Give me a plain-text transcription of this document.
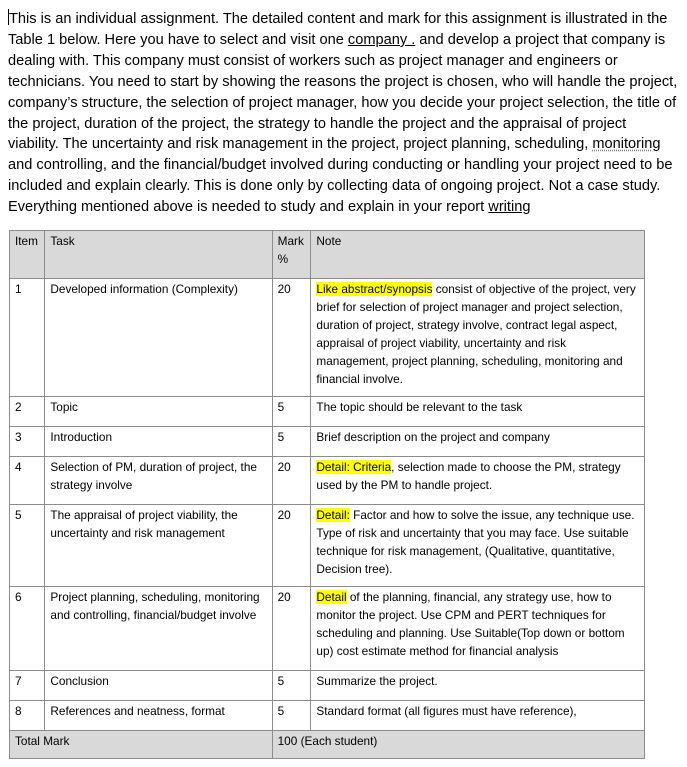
This is an individual assignment. The detailed content and mark for this assignment is illustrated in the Table 1 below. Here you have to select and visit one company . and develop a project that company is dealing with. This company must consist of workers such as project manager and engineers or technicians. You need to start by showing the reasons the project is chosen, who will handle the project, company’s structure, the selection of project manager, how you decide your project selection, the title of the project, duration of the project, the strategy to handle the project and the appraisal of project viability. The uncertainty and risk management in the project, project planning, scheduling, monitoring and controlling, and the financial/budget involved during conducting or handling your project need to be included and explain clearly. This is done only by collecting data of ongoing project. Not a case study. Everything mentioned above is needed to study and explain in your report writing

Item	Task	Mark %	Note
1	Developed information (Complexity)	20	Like abstract/synopsis consist of objective of the project, very brief for selection of project manager and project selection, duration of project, strategy involve, contract legal aspect, appraisal of project viability, uncertainty and risk management, project planning, scheduling, monitoring and financial involve.
2	Topic	5	The topic should be relevant to the task
3	Introduction	5	Brief description on the project and company
4	Selection of PM, duration of project, the strategy involve	20	Detail: Criteria, selection made to choose the PM, strategy used by the PM to handle project.
5	The appraisal of project viability, the uncertainty and risk management	20	Detail: Factor and how to solve the issue, any technique use. Type of risk and uncertainty that you may face. Use suitable technique for risk management, (Qualitative, quantitative, Decision tree).
6	Project planning, scheduling, monitoring and controlling, financial/budget involve	20	Detail of the planning, financial, any strategy use, how to monitor the project. Use CPM and PERT techniques for scheduling and planning. Use Suitable(Top down or bottom up) cost estimate method for financial analysis
7	Conclusion	5	Summarize the project.
8	References and neatness, format	5	Standard format (all figures must have reference),
Total Mark		100 (Each student)	
